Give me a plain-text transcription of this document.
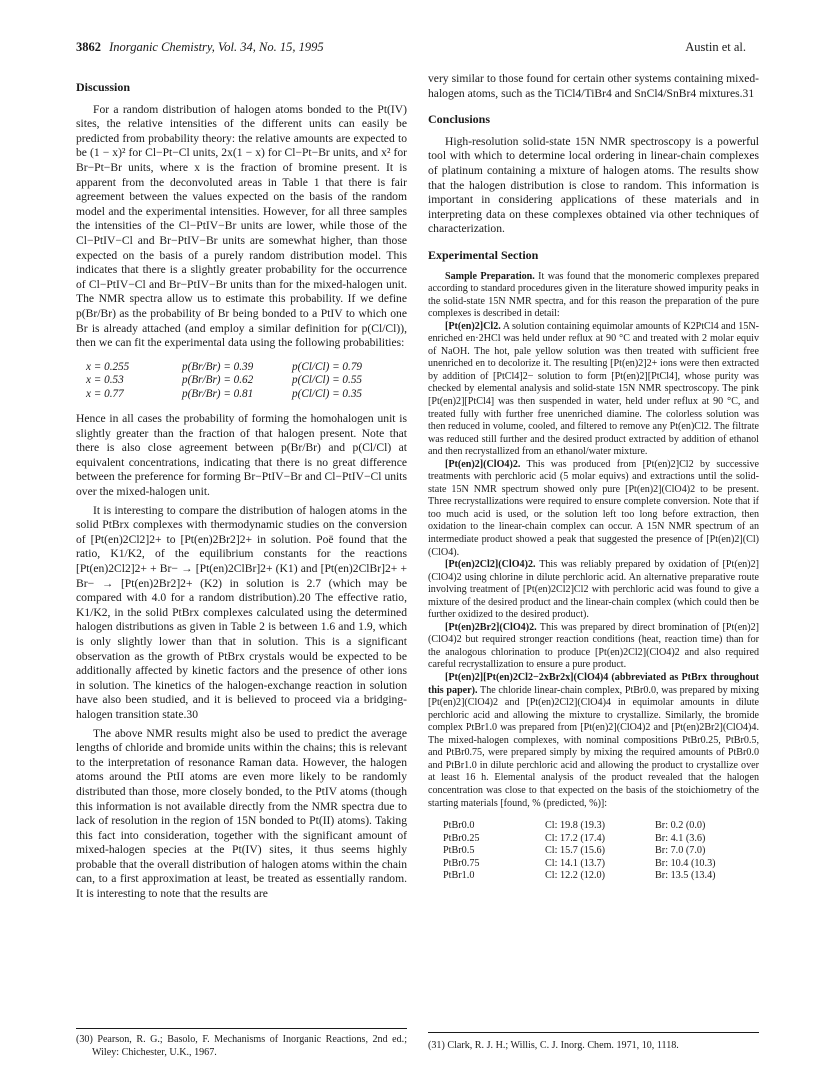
3862 Inorganic Chemistry, Vol. 34, No. 15, 1995	Austin et al.
Discussion

For a random distribution of halogen atoms bonded to the Pt(IV) sites, the relative intensities of the different units can easily be predicted from probability theory: the relative amounts are expected to be (1 − x)² for Cl−Pt−Cl units, 2x(1 − x) for Cl−Pt−Br units, and x² for Br−Pt−Br units, where x is the fraction of bromine present. It is apparent from the deconvoluted areas in Table 1 that there is fair agreement between the values expected on the basis of the random model and the experimental intensities. However, for all three samples the intensities of the Cl−PtIV−Br units are lower, while those of the Cl−PtIV−Cl and Br−PtIV−Br units are somewhat higher, than those expected on the basis of a purely random distribution model. This indicates that there is a slightly greater probability for the occurrence of Cl−PtIV−Cl and Br−PtIV−Br units than for the mixed-halogen unit. The NMR spectra allow us to estimate this probability. If we define p(Br/Br) as the probability of Br being bonded to a PtIV to which one Br is already attached (and employ a similar definition for p(Cl/Cl)), then we can fit the experimental data using the following probabilities:

x = 0.255	p(Br/Br) = 0.39	p(Cl/Cl) = 0.79
x = 0.53	p(Br/Br) = 0.62	p(Cl/Cl) = 0.55
x = 0.77	p(Br/Br) = 0.81	p(Cl/Cl) = 0.35

Hence in all cases the probability of forming the homohalogen unit is slightly greater than the fraction of that halogen present. Note that there is also close agreement between p(Br/Br) and p(Cl/Cl) at equivalent concentrations, indicating that there is no great difference between the preference for forming Br−PtIV−Br and Cl−PtIV−Cl units over the mixed-halogen unit.

It is interesting to compare the distribution of halogen atoms in the solid PtBrx complexes with thermodynamic studies on the conversion of [Pt(en)2Cl2]2+ to [Pt(en)2Br2]2+ in solution. Poë found that the ratio, K1/K2, of the equilibrium constants for the reactions [Pt(en)2Cl2]2+ + Br− → [Pt(en)2ClBr]2+ (K1) and [Pt(en)2ClBr]2+ + Br− → [Pt(en)2Br2]2+ (K2) in solution is 2.7 (which may be compared with 4.0 for a random distribution).20 The effective ratio, K1/K2, in the solid PtBrx complexes calculated using the determined halogen distributions as given in Table 2 is between 1.6 and 1.9, which is only slightly lower than that in solution. This is a significant observation as the growth of PtBrx crystals would be expected to be additionally affected by kinetic factors and the presence of other ions in solution. The kinetics of the halogen-exchange reaction in solution have also been studied, and it is believed to proceed via a bridging-halogen transition state.30

The above NMR results might also be used to predict the average lengths of chloride and bromide units within the chains; this is relevant to the interpretation of resonance Raman data. However, the halogen atoms around the PtII atoms are even more likely to be randomly distributed than those, more closely bonded, to the PtIV atoms (though this information is not available directly from the NMR spectra due to lack of resolution in the region of 15N bonded to Pt(II) atoms). Taking this fact into consideration, together with the significant amount of mixed-halogen species at the Pt(IV) sites, it thus seems highly probable that the overall distribution of halogen atoms within the chain can, to a first approximation at least, be treated as essentially random. It is interesting to note that the results are

very similar to those found for certain other systems containing mixed-halogen atoms, such as the TiCl4/TiBr4 and SnCl4/SnBr4 mixtures.31

Conclusions

High-resolution solid-state 15N NMR spectroscopy is a powerful tool with which to determine local ordering in linear-chain complexes of platinum containing a mixture of halogen atoms. The results show that the halogen distribution is close to random. This information is important in considering applications of these materials and in interpreting data on these complexes obtained via other techniques of characterization.

Experimental Section

Sample Preparation. It was found that the monomeric complexes prepared according to standard procedures given in the literature showed impurity peaks in the solid-state 15N NMR spectra, and for this reason the preparation of the pure complexes is described in detail:

[Pt(en)2]Cl2. A solution containing equimolar amounts of K2PtCl4 and 15N-enriched en·2HCl was held under reflux at 90 °C and treated with 2 molar equiv of NaOH. The hot, pale yellow solution was then treated with sufficient free unenriched en to decolorize it. The resulting [Pt(en)2]2+ ions were then extracted by addition of [PtCl4]2− solution to form [Pt(en)2][PtCl4], whose purity was checked by elemental analysis and solid-state 15N NMR spectroscopy. The pink [Pt(en)2][PtCl4] was then suspended in water, held under reflux at 90 °C, and treated fully with further free unenriched diamine. The colorless solution was then reduced in volume, cooled, and filtered to remove any Pt(en)Cl2. The filtrate was reduced still further and the desired product extracted by addition of ethanol and then recrystallized from an ethanol/water mixture.

[Pt(en)2](ClO4)2. This was produced from [Pt(en)2]Cl2 by successive treatments with perchloric acid (5 molar equivs) and extractions until the solid-state 15N NMR spectrum showed only pure [Pt(en)2](ClO4)2 to be present. Three recrystallizations were required to ensure complete conversion. Note that if too much acid is used, or the solution left too long before extraction, then oxidation to the linear-chain complex can occur. A 15N NMR spectrum of an intermediate product showed a peak that suggested the presence of [Pt(en)2](Cl)(ClO4).

[Pt(en)2Cl2](ClO4)2. This was reliably prepared by oxidation of [Pt(en)2](ClO4)2 using chlorine in dilute perchloric acid. An alternative preparative route involving treatment of [Pt(en)2Cl2]Cl2 with perchloric acid was found to give a mixture of the desired product and the linear-chain complex (which could then be further oxidized to the desired product).

[Pt(en)2Br2](ClO4)2. This was prepared by direct bromination of [Pt(en)2](ClO4)2 but required stronger reaction conditions (heat, reaction time) than for the analogous chlorination to produce [Pt(en)2Cl2](ClO4)2 and also required careful recrystallization to ensure a pure product.

[Pt(en)2][Pt(en)2Cl2−2xBr2x](ClO4)4 (abbreviated as PtBrx throughout this paper). The chloride linear-chain complex, PtBr0.0, was prepared by mixing [Pt(en)2](ClO4)2 and [Pt(en)2Cl2](ClO4)4 in equimolar amounts in dilute perchloric acid and allowing the mixture to crystallize. Similarly, the bromide complex PtBr1.0 was prepared from [Pt(en)2](ClO4)2 and [Pt(en)2Br2](ClO4)4. The mixed-halogen complexes, with nominal compositions PtBr0.25, PtBr0.5, and PtBr0.75, were prepared simply by mixing the required amounts of PtBr0.0 and PtBr1.0 in dilute perchloric acid and allowing the product to crystallize over at least 16 h. Elemental analysis of the product revealed that the halogen concentration was close to that expected on the basis of the stoichiometry of the starting materials [found, % (predicted, %)]:

PtBr0.0	Cl: 19.8 (19.3)	Br: 0.2 (0.0)
PtBr0.25	Cl: 17.2 (17.4)	Br: 4.1 (3.6)
PtBr0.5	Cl: 15.7 (15.6)	Br: 7.0 (7.0)
PtBr0.75	Cl: 14.1 (13.7)	Br: 10.4 (10.3)
PtBr1.0	Cl: 12.2 (12.0)	Br: 13.5 (13.4)

(30) Pearson, R. G.; Basolo, F. Mechanisms of Inorganic Reactions, 2nd ed.; Wiley: Chichester, U.K., 1967.

(31) Clark, R. J. H.; Willis, C. J. Inorg. Chem. 1971, 10, 1118.
